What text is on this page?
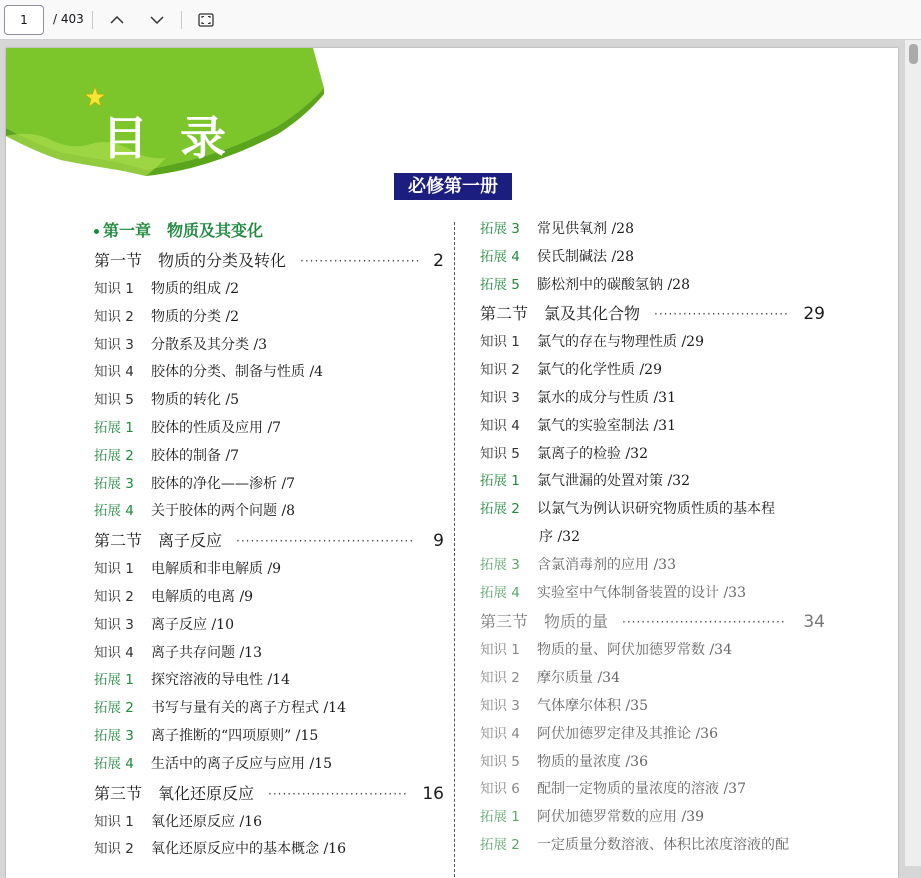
1	/ 403
目 录
必修第一册
第一章　物质及其变化
第一节　物质的分类及转化 ························· 2
知识 1 物质的组成 /2
知识 2 物质的分类 /2
知识 3 分散系及其分类 /3
知识 4 胶体的分类、制备与性质 /4
知识 5 物质的转化 /5
拓展 1 胶体的性质及应用 /7
拓展 2 胶体的制备 /7
拓展 3 胶体的净化——渗析 /7
拓展 4 关于胶体的两个问题 /8
第二节　离子反应 ·····································	9
知识 1 电解质和非电解质 /9
知识 2 电解质的电离 /9
知识 3 离子反应 /10
知识 4 离子共存问题 /13
拓展 1 探究溶液的导电性 /14
拓展 2 书写与量有关的离子方程式 /14
拓展 3 离子推断的“四项原则” /15
拓展 4 生活中的离子反应与应用 /15
第三节　氧化还原反应 ····························· 16
知识 1 氧化还原反应 /16
知识 2 氧化还原反应中的基本概念 /16
拓展 3 常见供氧剂 /28
拓展 4 侯氏制碱法 /28
拓展 5 膨松剂中的碳酸氢钠 /28
第二节　氯及其化合物 ···························· 29
知识 1 氯气的存在与物理性质 /29
知识 2 氯气的化学性质 /29
知识 3 氯水的成分与性质 /31
知识 4 氯气的实验室制法 /31
知识 5 氯离子的检验 /32
拓展 1 氯气泄漏的处置对策 /32
拓展 2 以氯气为例认识研究物质性质的基本程
序 /32
拓展 3 含氯消毒剂的应用 /33
拓展 4 实验室中气体制备装置的设计 /33
第三节　物质的量 ··································	34
知识 1 物质的量、阿伏加德罗常数 /34
知识 2 摩尔质量 /34
知识 3 气体摩尔体积 /35
知识 4 阿伏加德罗定律及其推论 /36
知识 5 物质的量浓度 /36
知识 6 配制一定物质的量浓度的溶液 /37
拓展 1 阿伏加德罗常数的应用 /39
拓展 2 一定质量分数溶液、体积比浓度溶液的配
